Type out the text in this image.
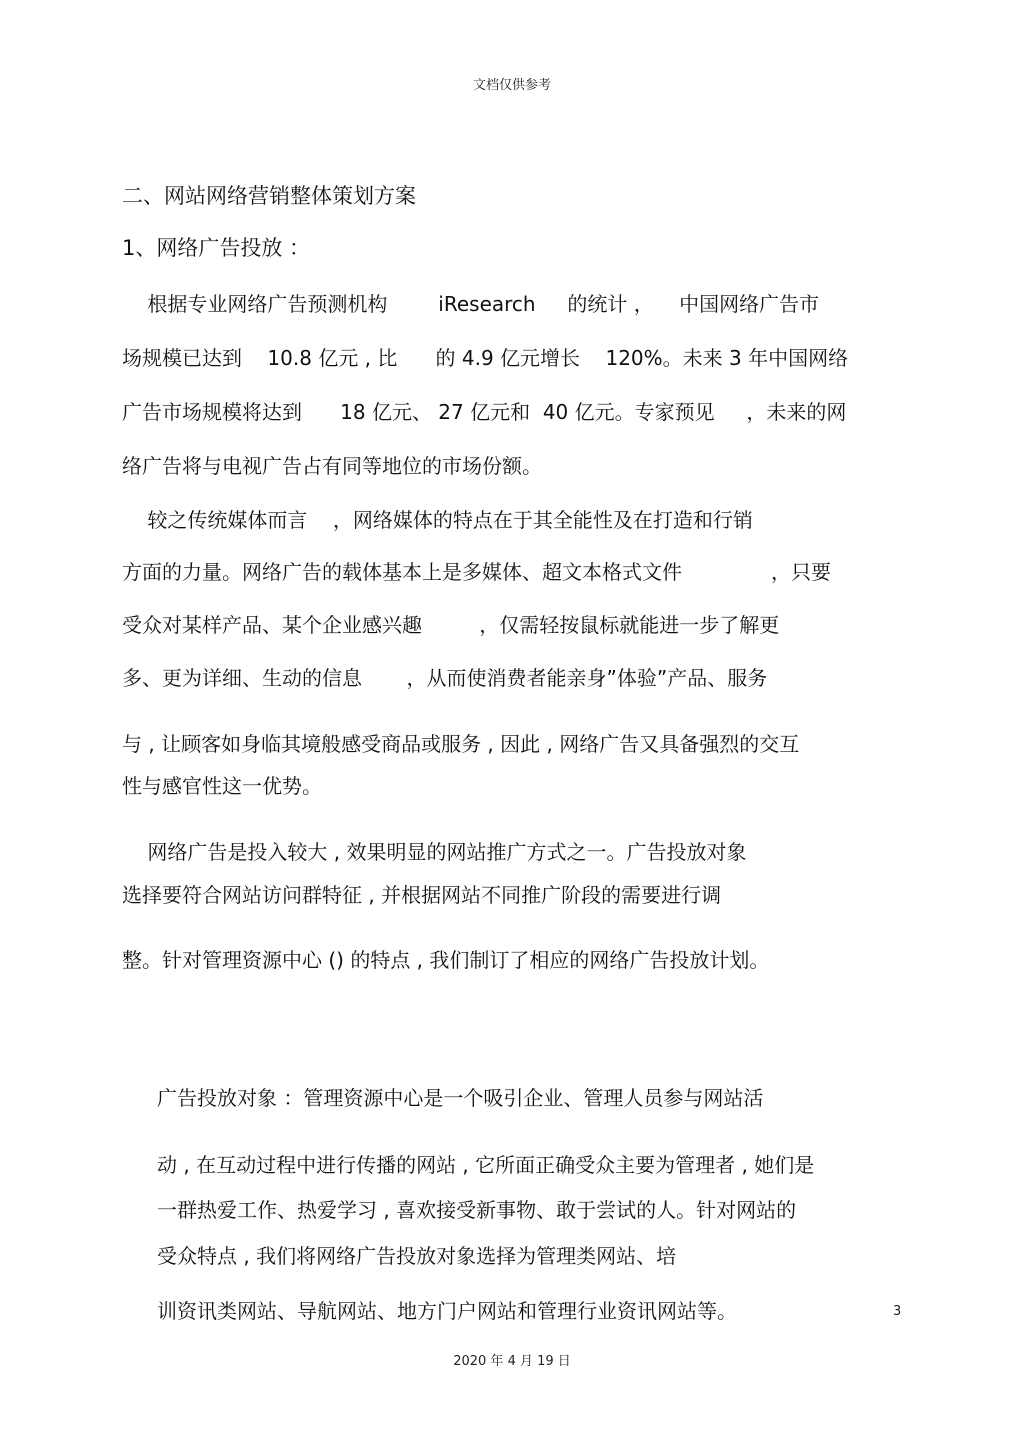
文档仅供参考
二、网站网络营销整体策划方案
1、网络广告投放 ：
根据专业网络广告预测机构        iResearch     的统计 ，    中国网络广告市
场规模已达到    10.8 亿元 , 比      的 4.9 亿元增长    120%。未来 3 年中国网络
广告市场规模将达到      18 亿元、 27 亿元和  40 亿元。专家预见     ，未来的网
络广告将与电视广告占有同等地位的市场份额。
较之传统媒体而言    ，网络媒体的特点在于其全能性及在打造和行销
方面的力量。网络广告的载体基本上是多媒体、超文本格式文件              ，只要
受众对某样产品、某个企业感兴趣         ，仅需轻按鼠标就能进一步了解更
多、更为详细、生动的信息       ，从而使消费者能亲身”体验”产品、服务
与 , 让顾客如身临其境般感受商品或服务 , 因此 , 网络广告又具备强烈的交互
性与感官性这一优势。
网络广告是投入较大 , 效果明显的网站推广方式之一。广告投放对象
选择要符合网站访问群特征 , 并根据网站不同推广阶段的需要进行调
整。针对管理资源中心 () 的特点 , 我们制订了相应的网络广告投放计划。
广告投放对象 ：管理资源中心是一个吸引企业、管理人员参与网站活
动 , 在互动过程中进行传播的网站 , 它所面正确受众主要为管理者 , 她们是
一群热爱工作、热爱学习 , 喜欢接受新事物、敢于尝试的人。针对网站的
受众特点 , 我们将网络广告投放对象选择为管理类网站、培
训资讯类网站、导航网站、地方门户网站和管理行业资讯网站等。	3
2020 年 4 月 19 日
